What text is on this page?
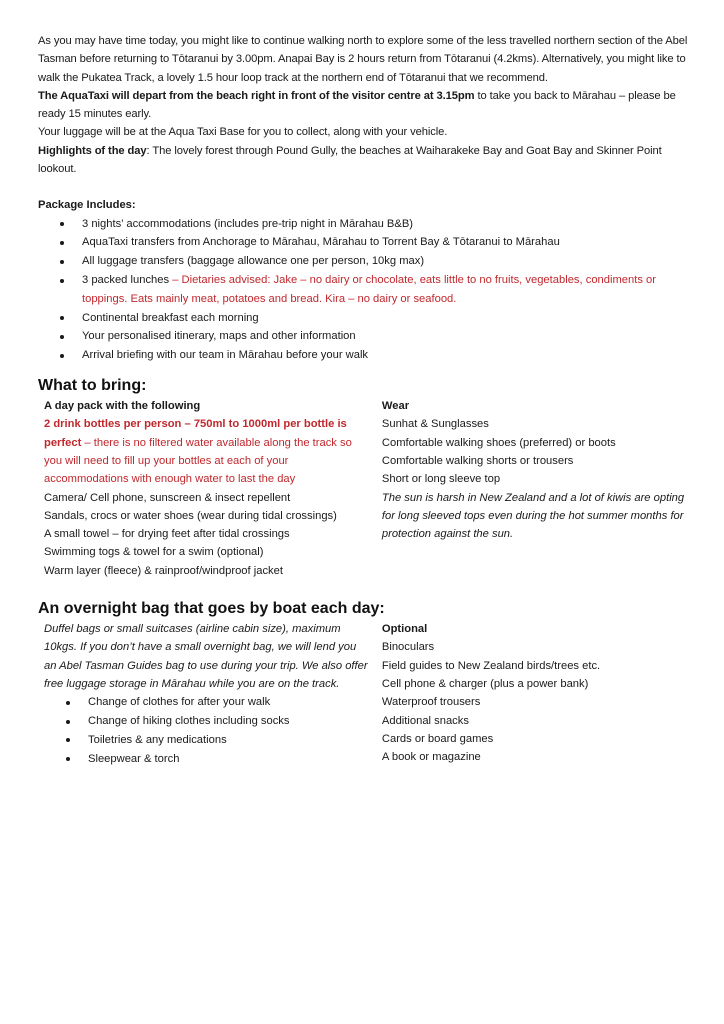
As you may have time today, you might like to continue walking north to explore some of the less travelled northern section of the Abel Tasman before returning to Tōtaranui by 3.00pm. Anapai Bay is 2 hours return from Tōtaranui (4.2kms). Alternatively, you might like to walk the Pukatea Track, a lovely 1.5 hour loop track at the northern end of Tōtaranui that we recommend.

The AquaTaxi will depart from the beach right in front of the visitor centre at 3.15pm to take you back to Mārahau – please be ready 15 minutes early.

Your luggage will be at the Aqua Taxi Base for you to collect, along with your vehicle.

Highlights of the day: The lovely forest through Pound Gully, the beaches at Waiharakeke Bay and Goat Bay and Skinner Point lookout.

Package Includes:
3 nights’ accommodations (includes pre-trip night in Mārahau B&B)
AquaTaxi transfers from Anchorage to Mārahau, Mārahau to Torrent Bay & Tōtaranui to Mārahau
All luggage transfers (baggage allowance one per person, 10kg max)
3 packed lunches – Dietaries advised: Jake – no dairy or chocolate, eats little to no fruits, vegetables, condiments or toppings. Eats mainly meat, potatoes and bread. Kira – no dairy or seafood.
Continental breakfast each morning
Your personalised itinerary, maps and other information
Arrival briefing with our team in Mārahau before your walk
What to bring:
A day pack with the following
2 drink bottles per person – 750ml to 1000ml per bottle is perfect – there is no filtered water available along the track so you will need to fill up your bottles at each of your accommodations with enough water to last the day
Camera/ Cell phone, sunscreen & insect repellent
Sandals, crocs or water shoes (wear during tidal crossings)
A small towel – for drying feet after tidal crossings
Swimming togs & towel for a swim (optional)
Warm layer (fleece) & rainproof/windproof jacket
Wear
Sunhat & Sunglasses
Comfortable walking shoes (preferred) or boots
Comfortable walking shorts or trousers
Short or long sleeve top
The sun is harsh in New Zealand and a lot of kiwis are opting for long sleeved tops even during the hot summer months for protection against the sun.
An overnight bag that goes by boat each day:
Duffel bags or small suitcases (airline cabin size), maximum 10kgs. If you don’t have a small overnight bag, we will lend you an Abel Tasman Guides bag to use during your trip. We also offer free luggage storage in Mārahau while you are on the track.
Change of clothes for after your walk
Change of hiking clothes including socks
Toiletries & any medications
Sleepwear & torch
Optional
Binoculars
Field guides to New Zealand birds/trees etc.
Cell phone & charger (plus a power bank)
Waterproof trousers
Additional snacks
Cards or board games
A book or magazine
